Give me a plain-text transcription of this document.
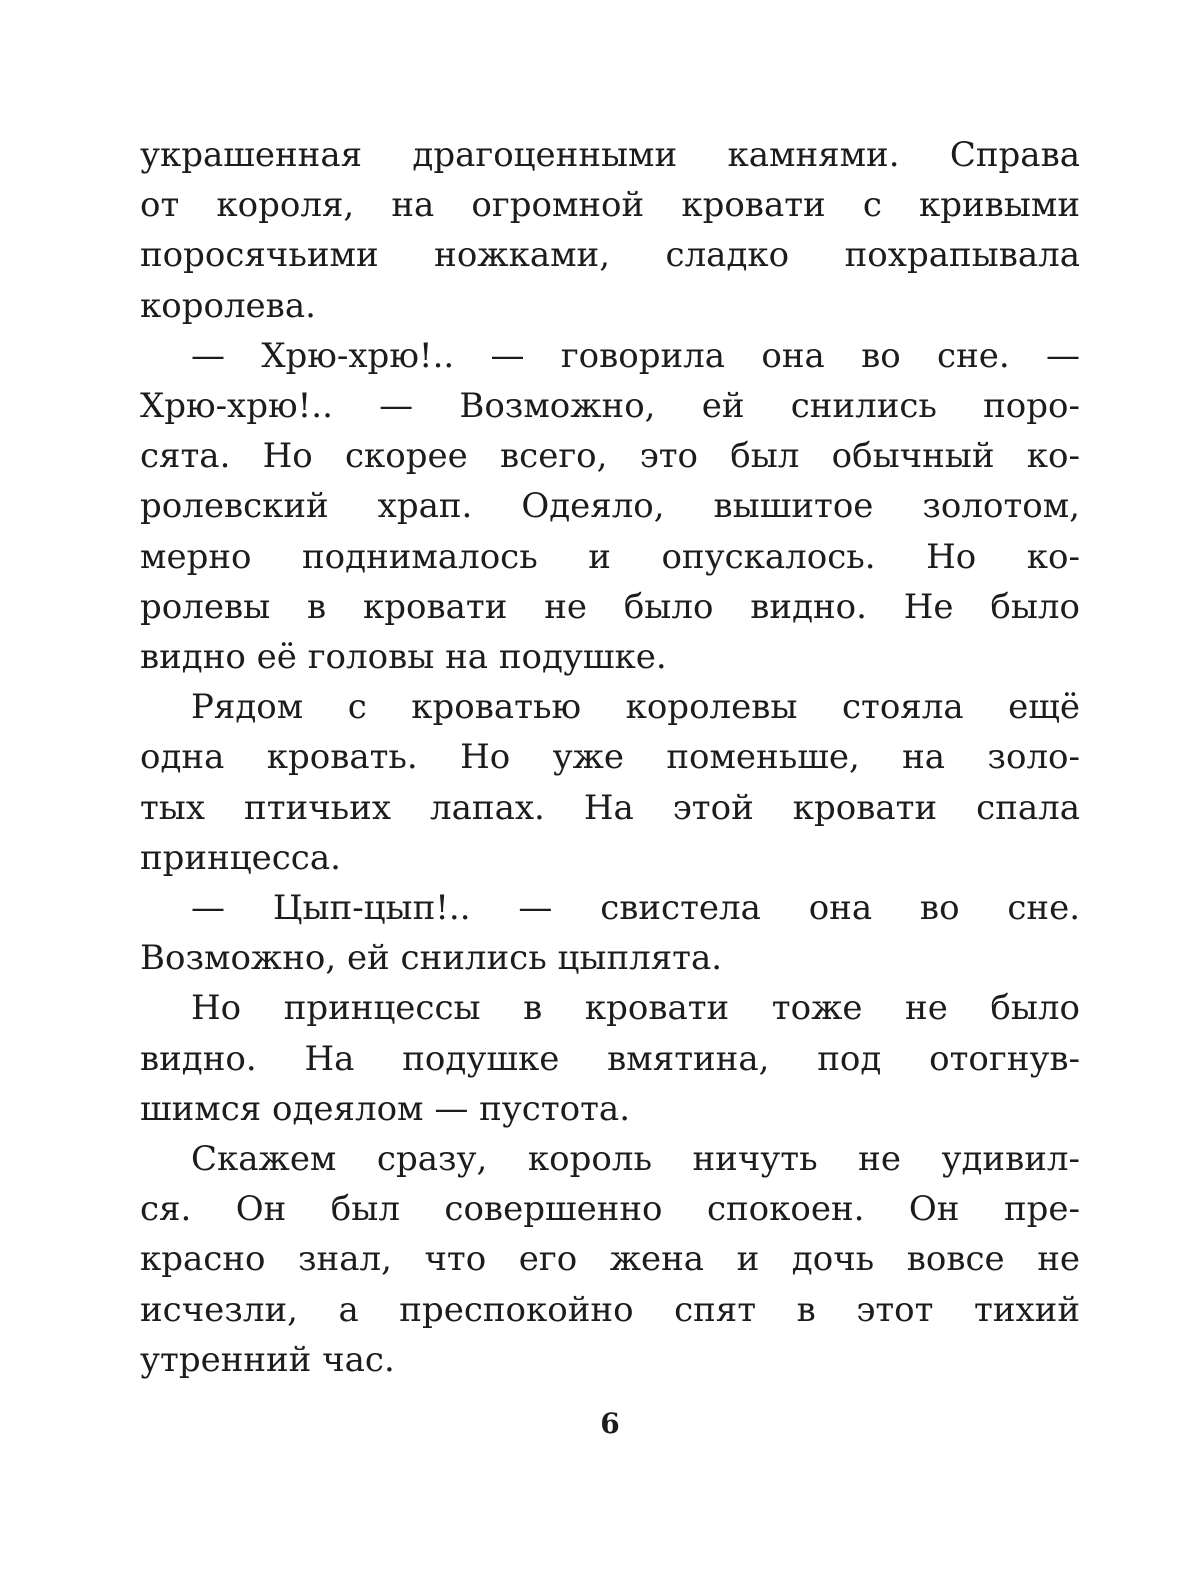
украшенная драгоценными камнями. Справа
от короля, на огромной кровати с кривыми
поросячьими ножками, сладко похрапывала
королева.
— Хрю-хрю!.. — говорила она во сне. —
Хрю-хрю!.. — Возможно, ей снились поро-
сята. Но скорее всего, это был обычный ко-
ролевский храп. Одеяло, вышитое золотом,
мерно поднималось и опускалось. Но ко-
ролевы в кровати не было видно. Не было
видно её головы на подушке.
Рядом с кроватью королевы стояла ещё
одна кровать. Но уже поменьше, на золо-
тых птичьих лапах. На этой кровати спала
принцесса.
— Цып-цып!.. — свистела она во сне.
Возможно, ей снились цыплята.
Но принцессы в кровати тоже не было
видно. На подушке вмятина, под отогнув-
шимся одеялом — пустота.
Скажем сразу, король ничуть не удивил-
ся. Он был совершенно спокоен. Он пре-
красно знал, что его жена и дочь вовсе не
исчезли, а преспокойно спят в этот тихий
утренний час.
6
